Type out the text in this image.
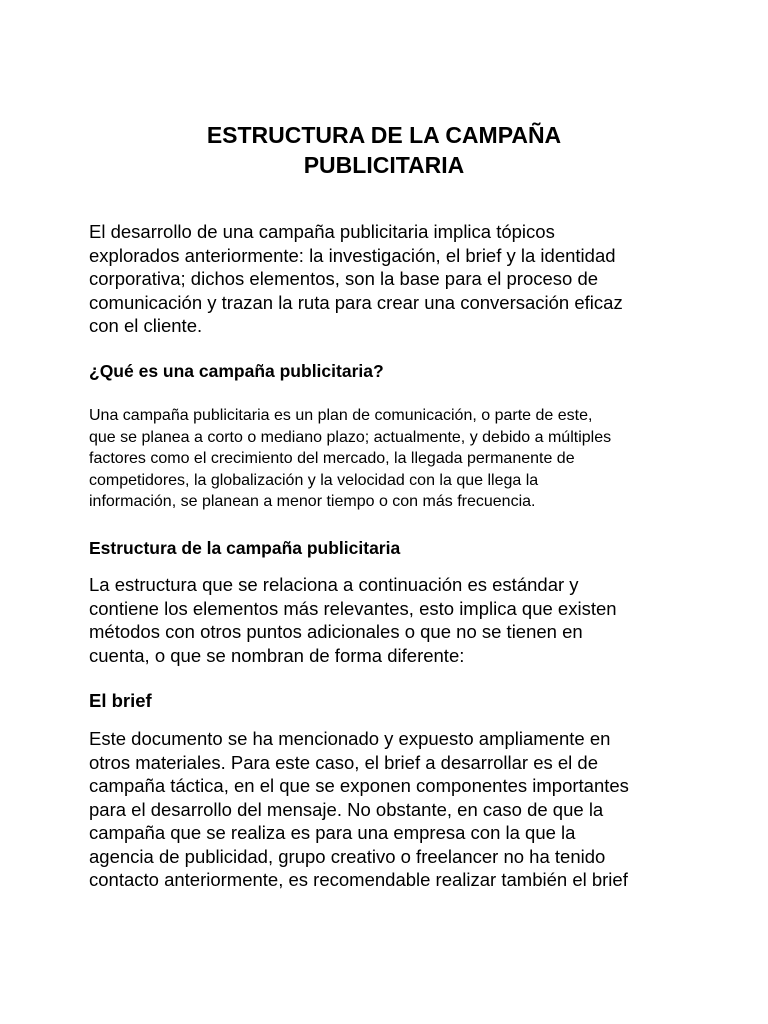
ESTRUCTURA DE LA CAMPAÑA
PUBLICITARIA

El desarrollo de una campaña publicitaria implica tópicos
explorados anteriormente: la investigación, el brief y la identidad
corporativa; dichos elementos, son la base para el proceso de
comunicación y trazan la ruta para crear una conversación eficaz
con el cliente.

¿Qué es una campaña publicitaria?

Una campaña publicitaria es un plan de comunicación, o parte de este,
que se planea a corto o mediano plazo; actualmente, y debido a múltiples
factores como el crecimiento del mercado, la llegada permanente de
competidores, la globalización y la velocidad con la que llega la
información, se planean a menor tiempo o con más frecuencia.

Estructura de la campaña publicitaria

La estructura que se relaciona a continuación es estándar y
contiene los elementos más relevantes, esto implica que existen
métodos con otros puntos adicionales o que no se tienen en
cuenta, o que se nombran de forma diferente:

El brief

Este documento se ha mencionado y expuesto ampliamente en
otros materiales. Para este caso, el brief a desarrollar es el de
campaña táctica, en el que se exponen componentes importantes
para el desarrollo del mensaje. No obstante, en caso de que la
campaña que se realiza es para una empresa con la que la
agencia de publicidad, grupo creativo o freelancer no ha tenido
contacto anteriormente, es recomendable realizar también el brief
